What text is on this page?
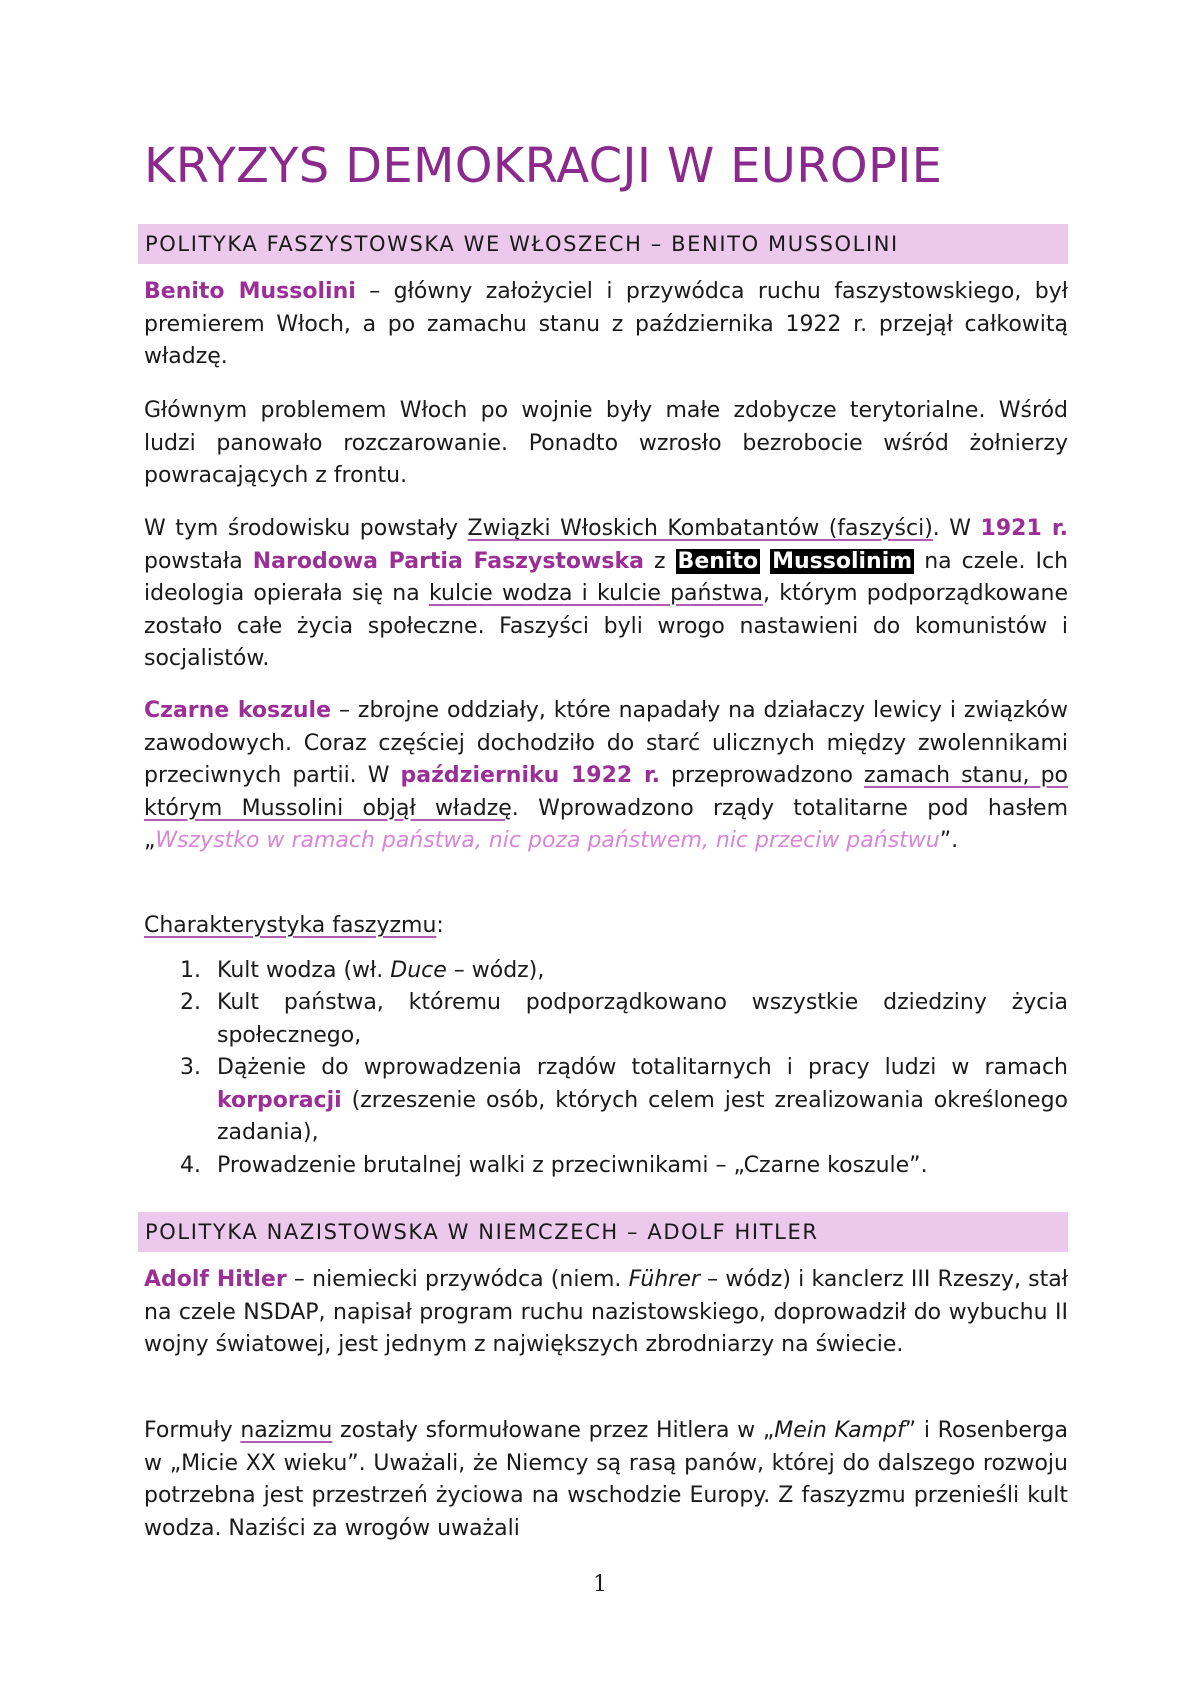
KRYZYS DEMOKRACJI W EUROPIE
POLITYKA FASZYSTOWSKA WE WŁOSZECH – BENITO MUSSOLINI

Benito Mussolini – główny założyciel i przywódca ruchu faszystowskiego, był premierem Włoch, a po zamachu stanu z października 1922 r. przejął całkowitą władzę.

Głównym problemem Włoch po wojnie były małe zdobycze terytorialne. Wśród ludzi panowało rozczarowanie. Ponadto wzrosło bezrobocie wśród żołnierzy powracających z frontu.

W tym środowisku powstały Związki Włoskich Kombatantów (faszyści). W 1921 r. powstała Narodowa Partia Faszystowska z Benito Mussolinim na czele. Ich ideologia opierała się na kulcie wodza i kulcie państwa, którym podporządkowane zostało całe życia społeczne. Faszyści byli wrogo nastawieni do komunistów i socjalistów.

Czarne koszule – zbrojne oddziały, które napadały na działaczy lewicy i związków zawodowych. Coraz częściej dochodziło do starć ulicznych między zwolennikami przeciwnych partii. W październiku 1922 r. przeprowadzono zamach stanu, po którym Mussolini objął władzę. Wprowadzono rządy totalitarne pod hasłem „Wszystko w ramach państwa, nic poza państwem, nic przeciw państwu”.

Charakterystyka faszyzmu:

1. Kult wodza (wł. Duce – wódz),
2. Kult państwa, któremu podporządkowano wszystkie dziedziny życia społecznego,
3. Dążenie do wprowadzenia rządów totalitarnych i pracy ludzi w ramach korporacji (zrzeszenie osób, których celem jest zrealizowania określonego zadania),
4. Prowadzenie brutalnej walki z przeciwnikami – „Czarne koszule”.
POLITYKA NAZISTOWSKA W NIEMCZECH – ADOLF HITLER

Adolf Hitler – niemiecki przywódca (niem. Führer – wódz) i kanclerz III Rzeszy, stał na czele NSDAP, napisał program ruchu nazistowskiego, doprowadził do wybuchu II wojny światowej, jest jednym z największych zbrodniarzy na świecie.

Formuły nazizmu zostały sformułowane przez Hitlera w „Mein Kampf” i Rosenberga w „Micie XX wieku”. Uważali, że Niemcy są rasą panów, której do dalszego rozwoju potrzebna jest przestrzeń życiowa na wschodzie Europy. Z faszyzmu przenieśli kult wodza. Naziści za wrogów uważali

1
